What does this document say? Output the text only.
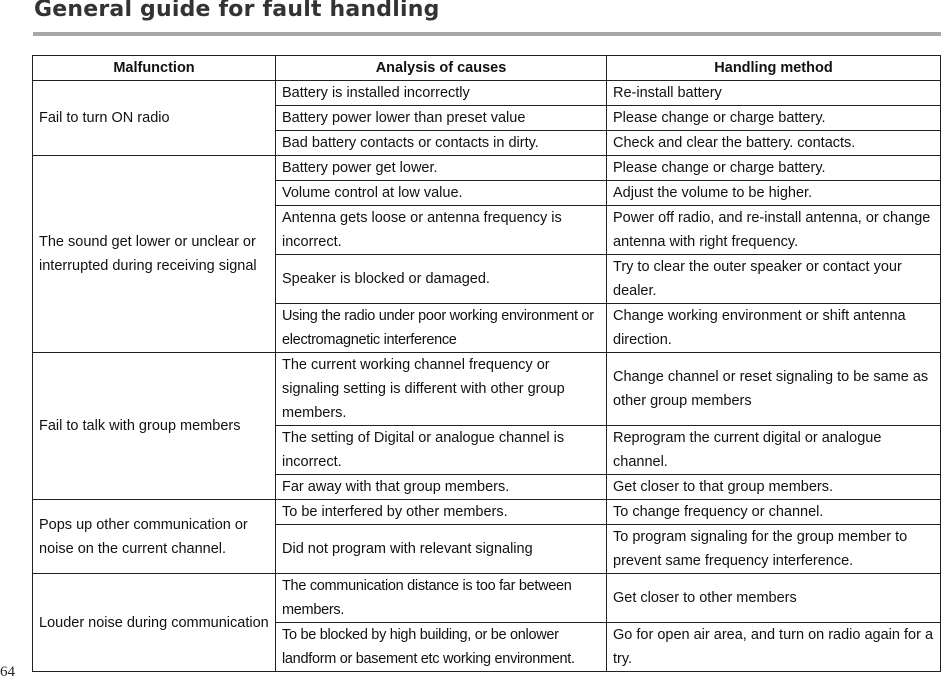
General guide for fault handling
Malfunction	Analysis of causes	Handling method
Fail to turn ON radio	Battery is installed incorrectly	Re-install battery
	Battery power lower than preset value	Please change or charge battery.
	Bad battery contacts or contacts in dirty.	Check and clear the battery. contacts.
The sound get lower or unclear or interrupted during receiving signal	Battery power get lower.	Please change or charge battery.
	Volume control at low value.	Adjust the volume to be higher.
	Antenna gets loose or antenna frequency is incorrect.	Power off radio, and re-install antenna, or change antenna with right frequency.
	Speaker is blocked or damaged.	Try to clear the outer speaker or contact your dealer.
	Using the radio under poor working environment or electromagnetic interference	Change working environment or shift antenna direction.
Fail to talk with group members	The current working channel frequency or signaling setting is different with other group members.	Change channel or reset signaling to be same as other group members
	The setting of Digital or analogue channel is incorrect.	Reprogram the current digital or analogue channel.
	Far away with that group members.	Get closer to that group members.
Pops up other communication or noise on the current channel.	To be interfered by other members.	To change frequency or channel.
	Did not program with relevant signaling	To program signaling for the group member to prevent same frequency interference.
Louder noise during communication	The communication distance is too far between members.	Get closer to other members
	To be blocked by high building, or be onlower landform or basement etc working environment.	Go for open air area, and turn on radio again for a try.
64
